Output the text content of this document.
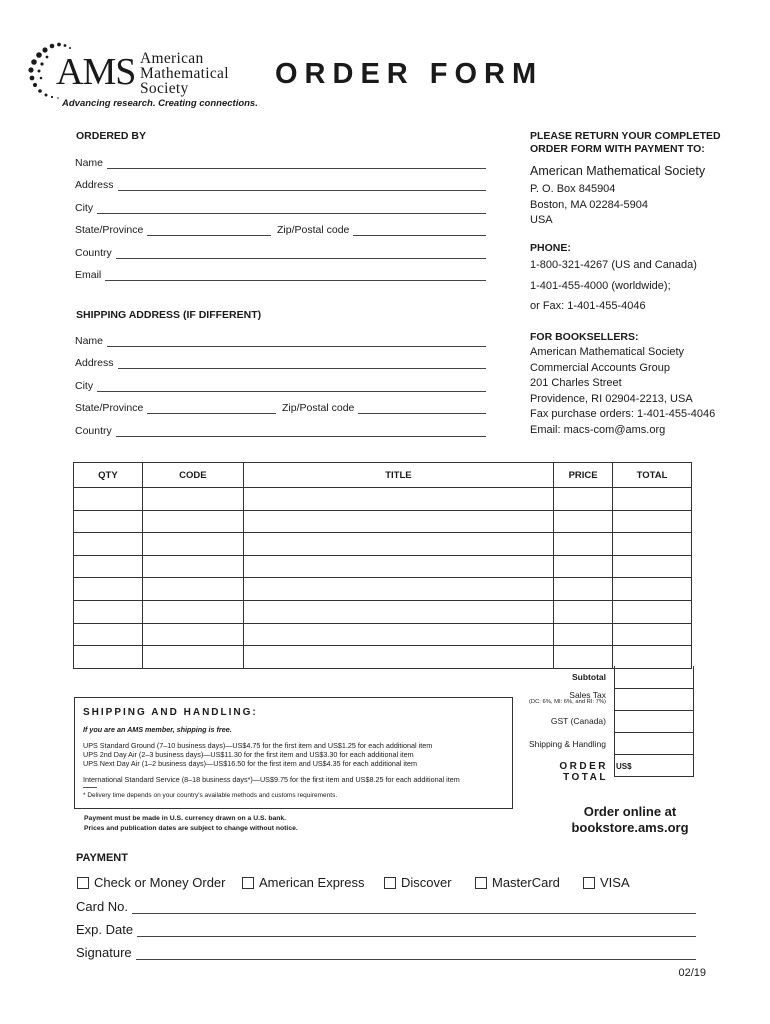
AMS American
Mathematical
Society
Advancing research. Creating connections.
ORDER FORM
ORDERED BY
Name
Address
City
State/Province	Zip/Postal code
Country
Email
SHIPPING ADDRESS (IF DIFFERENT)
Name
Address
City
State/Province	Zip/Postal code
Country
PLEASE RETURN YOUR COMPLETED
ORDER FORM WITH PAYMENT TO:
American Mathematical Society
P. O. Box 845904
Boston, MA 02284-5904
USA
PHONE:
1-800-321-4267 (US and Canada)
1-401-455-4000 (worldwide);
or Fax: 1-401-455-4046
FOR BOOKSELLERS:
American Mathematical Society
Commercial Accounts Group
201 Charles Street
Providence, RI 02904-2213, USA
Fax purchase orders: 1-401-455-4046
Email: macs-com@ams.org
QTY	CODE	TITLE	PRICE	TOTAL

Subtotal
Sales Tax
(DC: 6%, MI: 6%, and RI: 7%)
GST (Canada)
Shipping & Handling
ORDER TOTAL
US$
SHIPPING AND HANDLING:
If you are an AMS member, shipping is free.
UPS Standard Ground (7–10 business days)—US$4.75 for the first item and US$1.25 for each additional item
UPS 2nd Day Air (2–3 business days)—US$11.30 for the first item and US$3.30 for each additional item
UPS Next Day Air (1–2 business days)—US$16.50 for the first item and US$4.35 for each additional item
International Standard Service (8–18 business days*)—US$9.75 for the first item and US$8.25 for each additional item
* Delivery time depends on your country's available methods and customs requirements.
Payment must be made in U.S. currency drawn on a U.S. bank.
Prices and publication dates are subject to change without notice.
Order online at
bookstore.ams.org
PAYMENT
Check or Money Order	American Express	Discover	MasterCard	VISA
Card No.
Exp. Date
Signature
02/19
